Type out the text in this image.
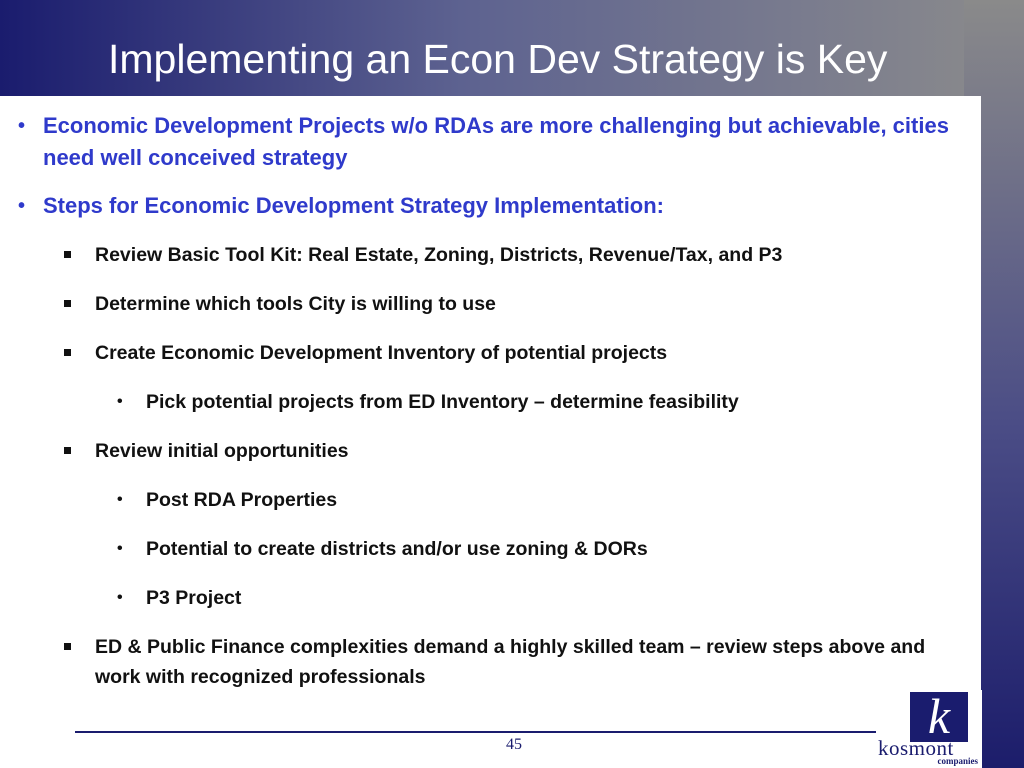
Implementing an Econ Dev Strategy is Key
• Economic Development Projects w/o RDAs are more challenging but achievable, cities need well conceived strategy
• Steps for Economic Development Strategy Implementation:
Review Basic Tool Kit: Real Estate, Zoning, Districts, Revenue/Tax, and P3
Determine which tools City is willing to use
Create Economic Development Inventory of potential projects
• Pick potential projects from ED Inventory – determine feasibility
Review initial opportunities
• Post RDA Properties
• Potential to create districts and/or use zoning & DORs
• P3 Project
ED & Public Finance complexities demand a highly skilled team – review steps above and work with recognized professionals
45
k
kosmont
companies
